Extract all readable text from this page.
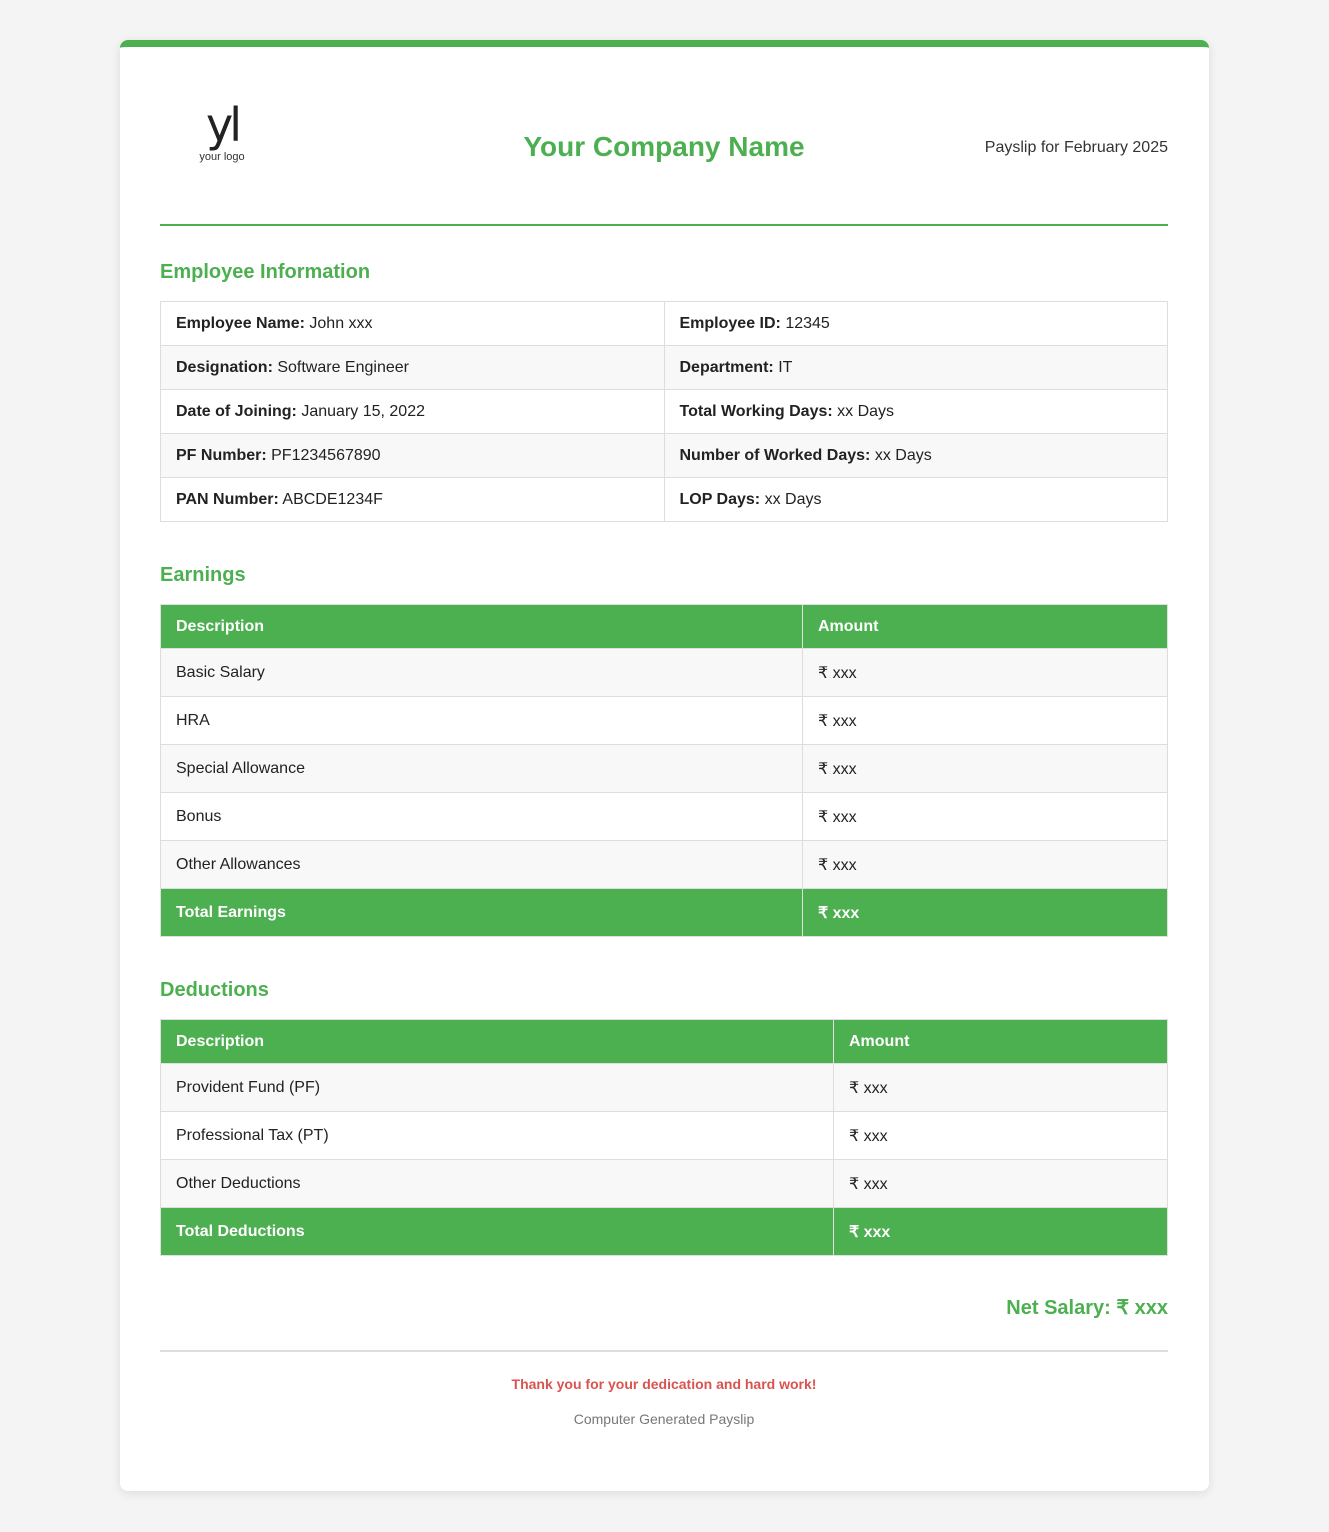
yl
your logo	Your Company Name	Payslip for February 2025
Employee Information
Employee Name: John xxx	Employee ID: 12345
Designation: Software Engineer	Department: IT
Date of Joining: January 15, 2022	Total Working Days: xx Days
PF Number: PF1234567890	Number of Worked Days: xx Days
PAN Number: ABCDE1234F	LOP Days: xx Days
Earnings
Description	Amount
Basic Salary	₹ xxx
HRA	₹ xxx
Special Allowance	₹ xxx
Bonus	₹ xxx
Other Allowances	₹ xxx
Total Earnings	₹ xxx
Deductions
Description	Amount
Provident Fund (PF)	₹ xxx
Professional Tax (PT)	₹ xxx
Other Deductions	₹ xxx
Total Deductions	₹ xxx
Net Salary: ₹ xxx
Thank you for your dedication and hard work!
Computer Generated Payslip
